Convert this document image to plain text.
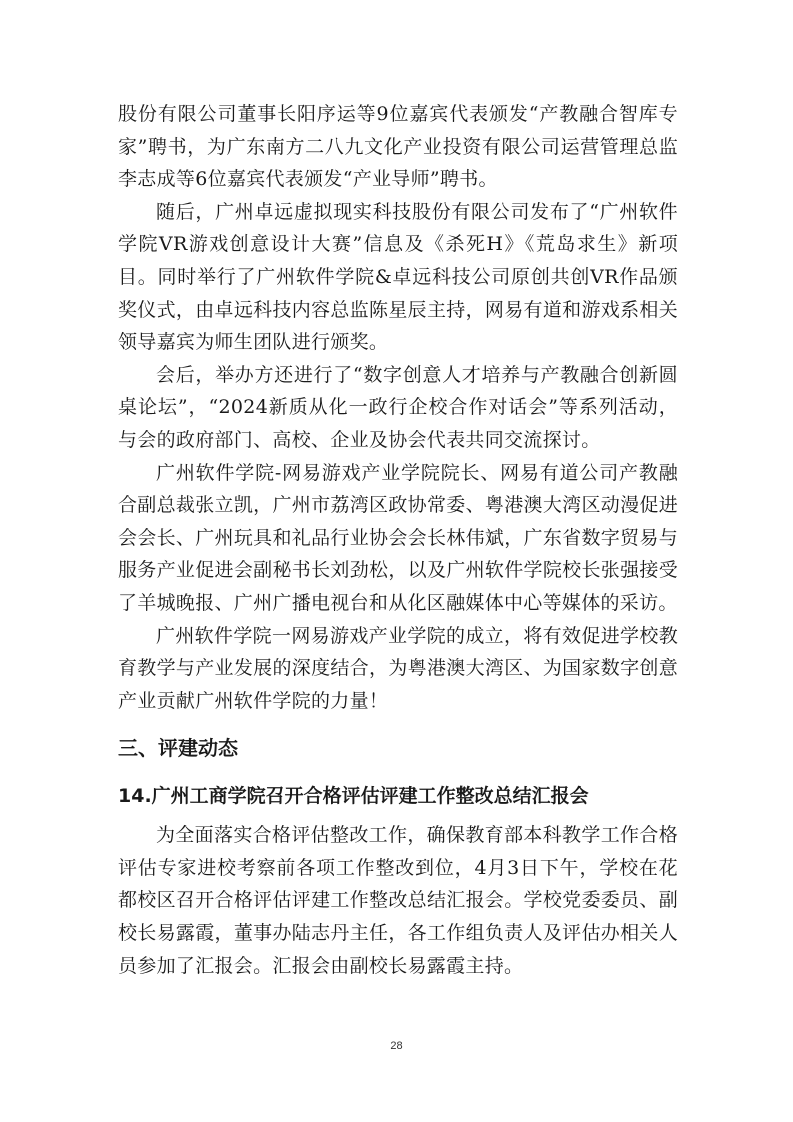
股份有限公司董事长阳序运等9位嘉宾代表颁发“产教融合智库专家”聘书，为广东南方二八九文化产业投资有限公司运营管理总监李志成等6位嘉宾代表颁发“产业导师”聘书。

随后，广州卓远虚拟现实科技股份有限公司发布了“广州软件学院VR游戏创意设计大赛”信息及《杀死H》《荒岛求生》新项目。同时举行了广州软件学院&卓远科技公司原创共创VR作品颁奖仪式，由卓远科技内容总监陈星辰主持，网易有道和游戏系相关领导嘉宾为师生团队进行颁奖。

会后，举办方还进行了“数字创意人才培养与产教融合创新圆桌论坛”，“2024新质从化一政行企校合作对话会”等系列活动，与会的政府部门、高校、企业及协会代表共同交流探讨。

广州软件学院-网易游戏产业学院院长、网易有道公司产教融合副总裁张立凯，广州市荔湾区政协常委、粤港澳大湾区动漫促进会会长、广州玩具和礼品行业协会会长林伟斌，广东省数字贸易与服务产业促进会副秘书长刘劲松，以及广州软件学院校长张强接受了羊城晚报、广州广播电视台和从化区融媒体中心等媒体的采访。

广州软件学院一网易游戏产业学院的成立，将有效促进学校教育教学与产业发展的深度结合，为粤港澳大湾区、为国家数字创意产业贡献广州软件学院的力量！

三、评建动态
14.广州工商学院召开合格评估评建工作整改总结汇报会

为全面落实合格评估整改工作，确保教育部本科教学工作合格评估专家进校考察前各项工作整改到位，4月3日下午，学校在花都校区召开合格评估评建工作整改总结汇报会。学校党委委员、副校长易露霞，董事办陆志丹主任，各工作组负责人及评估办相关人员参加了汇报会。汇报会由副校长易露霞主持。

28
